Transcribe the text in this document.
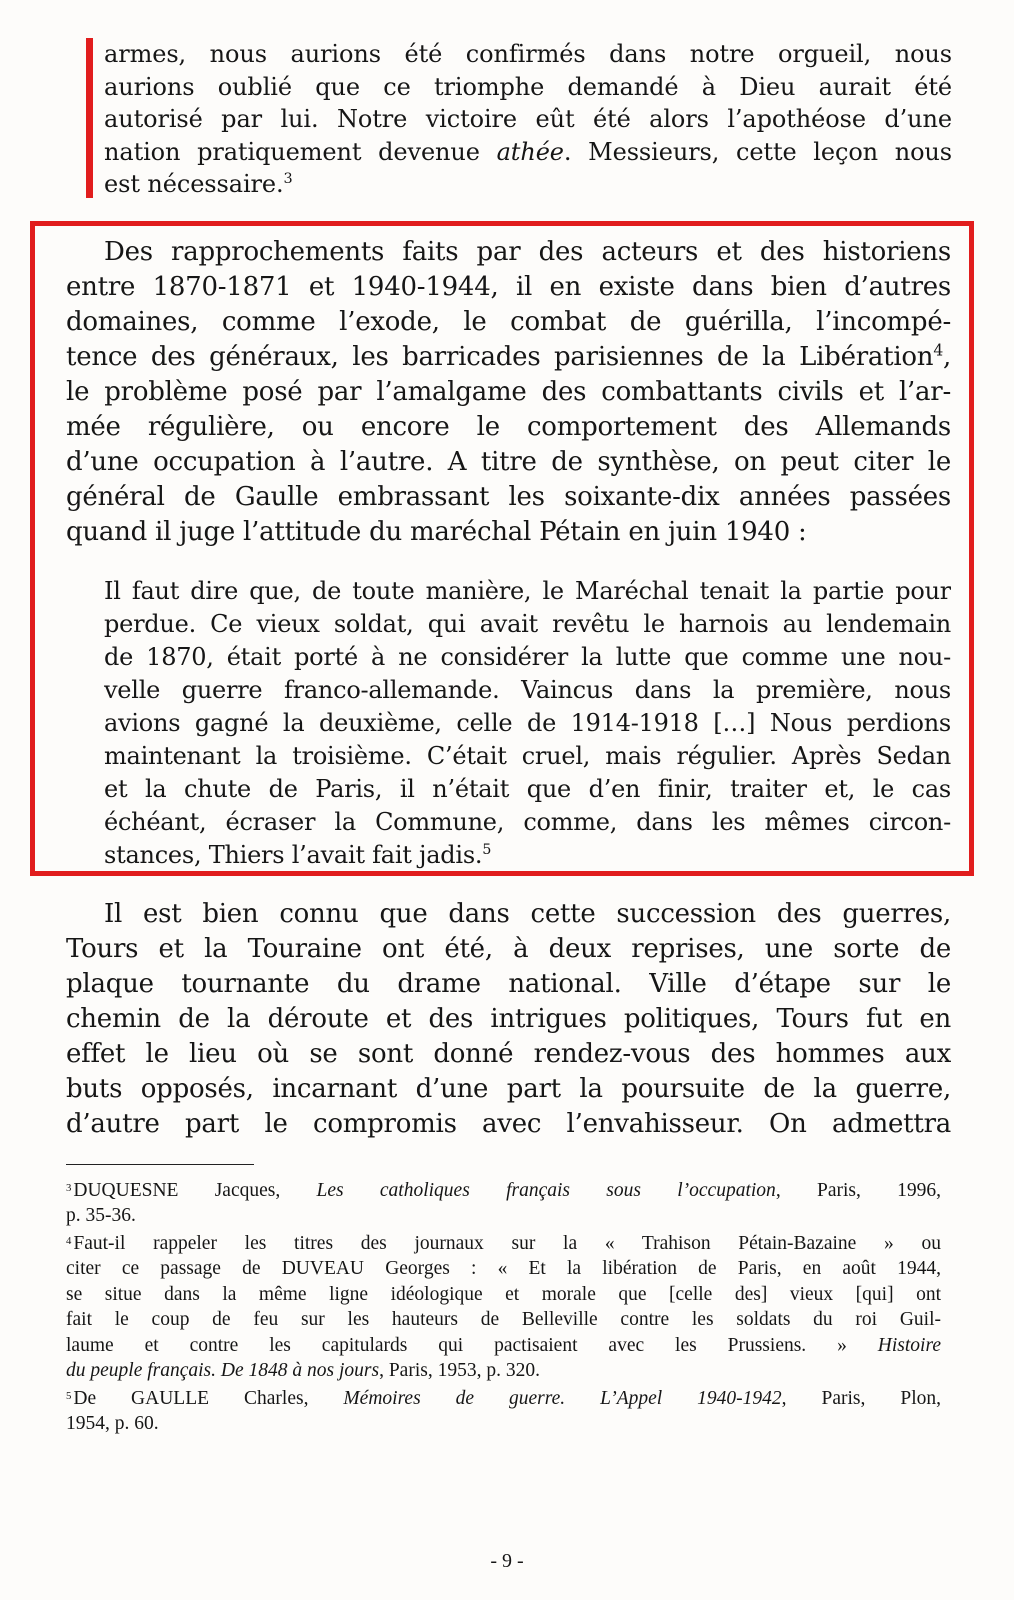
armes, nous aurions été confirmés dans notre orgueil, nous
aurions oublié que ce triomphe demandé à Dieu aurait été
autorisé par lui. Notre victoire eût été alors l’apothéose d’une
nation pratiquement devenue athée. Messieurs, cette leçon nous
est nécessaire.$^3$
Des rapprochements faits par des acteurs et des historiens
entre 1870-1871 et 1940-1944, il en existe dans bien d’autres
domaines, comme l’exode, le combat de guérilla, l’incompé-
tence des généraux, les barricades parisiennes de la Libération$^4$,
le problème posé par l’amalgame des combattants civils et l’ar-
mée régulière, ou encore le comportement des Allemands
d’une occupation à l’autre. A titre de synthèse, on peut citer le
général de Gaulle embrassant les soixante-dix années passées
quand il juge l’attitude du maréchal Pétain en juin 1940 :
Il faut dire que, de toute manière, le Maréchal tenait la partie pour
perdue. Ce vieux soldat, qui avait revêtu le harnois au lendemain
de 1870, était porté à ne considérer la lutte que comme une nou-
velle guerre franco-allemande. Vaincus dans la première, nous
avions gagné la deuxième, celle de 1914-1918 […] Nous perdions
maintenant la troisième. C’était cruel, mais régulier. Après Sedan
et la chute de Paris, il n’était que d’en finir, traiter et, le cas
échéant, écraser la Commune, comme, dans les mêmes circon-
stances, Thiers l’avait fait jadis.$^5$
Il est bien connu que dans cette succession des guerres,
Tours et la Touraine ont été, à deux reprises, une sorte de
plaque tournante du drame national. Ville d’étape sur le
chemin de la déroute et des intrigues politiques, Tours fut en
effet le lieu où se sont donné rendez-vous des hommes aux
buts opposés, incarnant d’une part la poursuite de la guerre,
d’autre part le compromis avec l’envahisseur. On admettra
$^3$ DUQUESNE Jacques, Les catholiques français sous l’occupation, Paris, 1996,
p. 35-36.
$^4$ Faut-il rappeler les titres des journaux sur la « Trahison Pétain-Bazaine » ou
citer ce passage de DUVEAU Georges : « Et la libération de Paris, en août 1944,
se situe dans la même ligne idéologique et morale que [celle des] vieux [qui] ont
fait le coup de feu sur les hauteurs de Belleville contre les soldats du roi Guil-
laume et contre les capitulards qui pactisaient avec les Prussiens. » Histoire
du peuple français. De 1848 à nos jours, Paris, 1953, p. 320.
$^5$ De GAULLE Charles, Mémoires de guerre. L’Appel 1940-1942, Paris, Plon,
1954, p. 60.
- 9 -
